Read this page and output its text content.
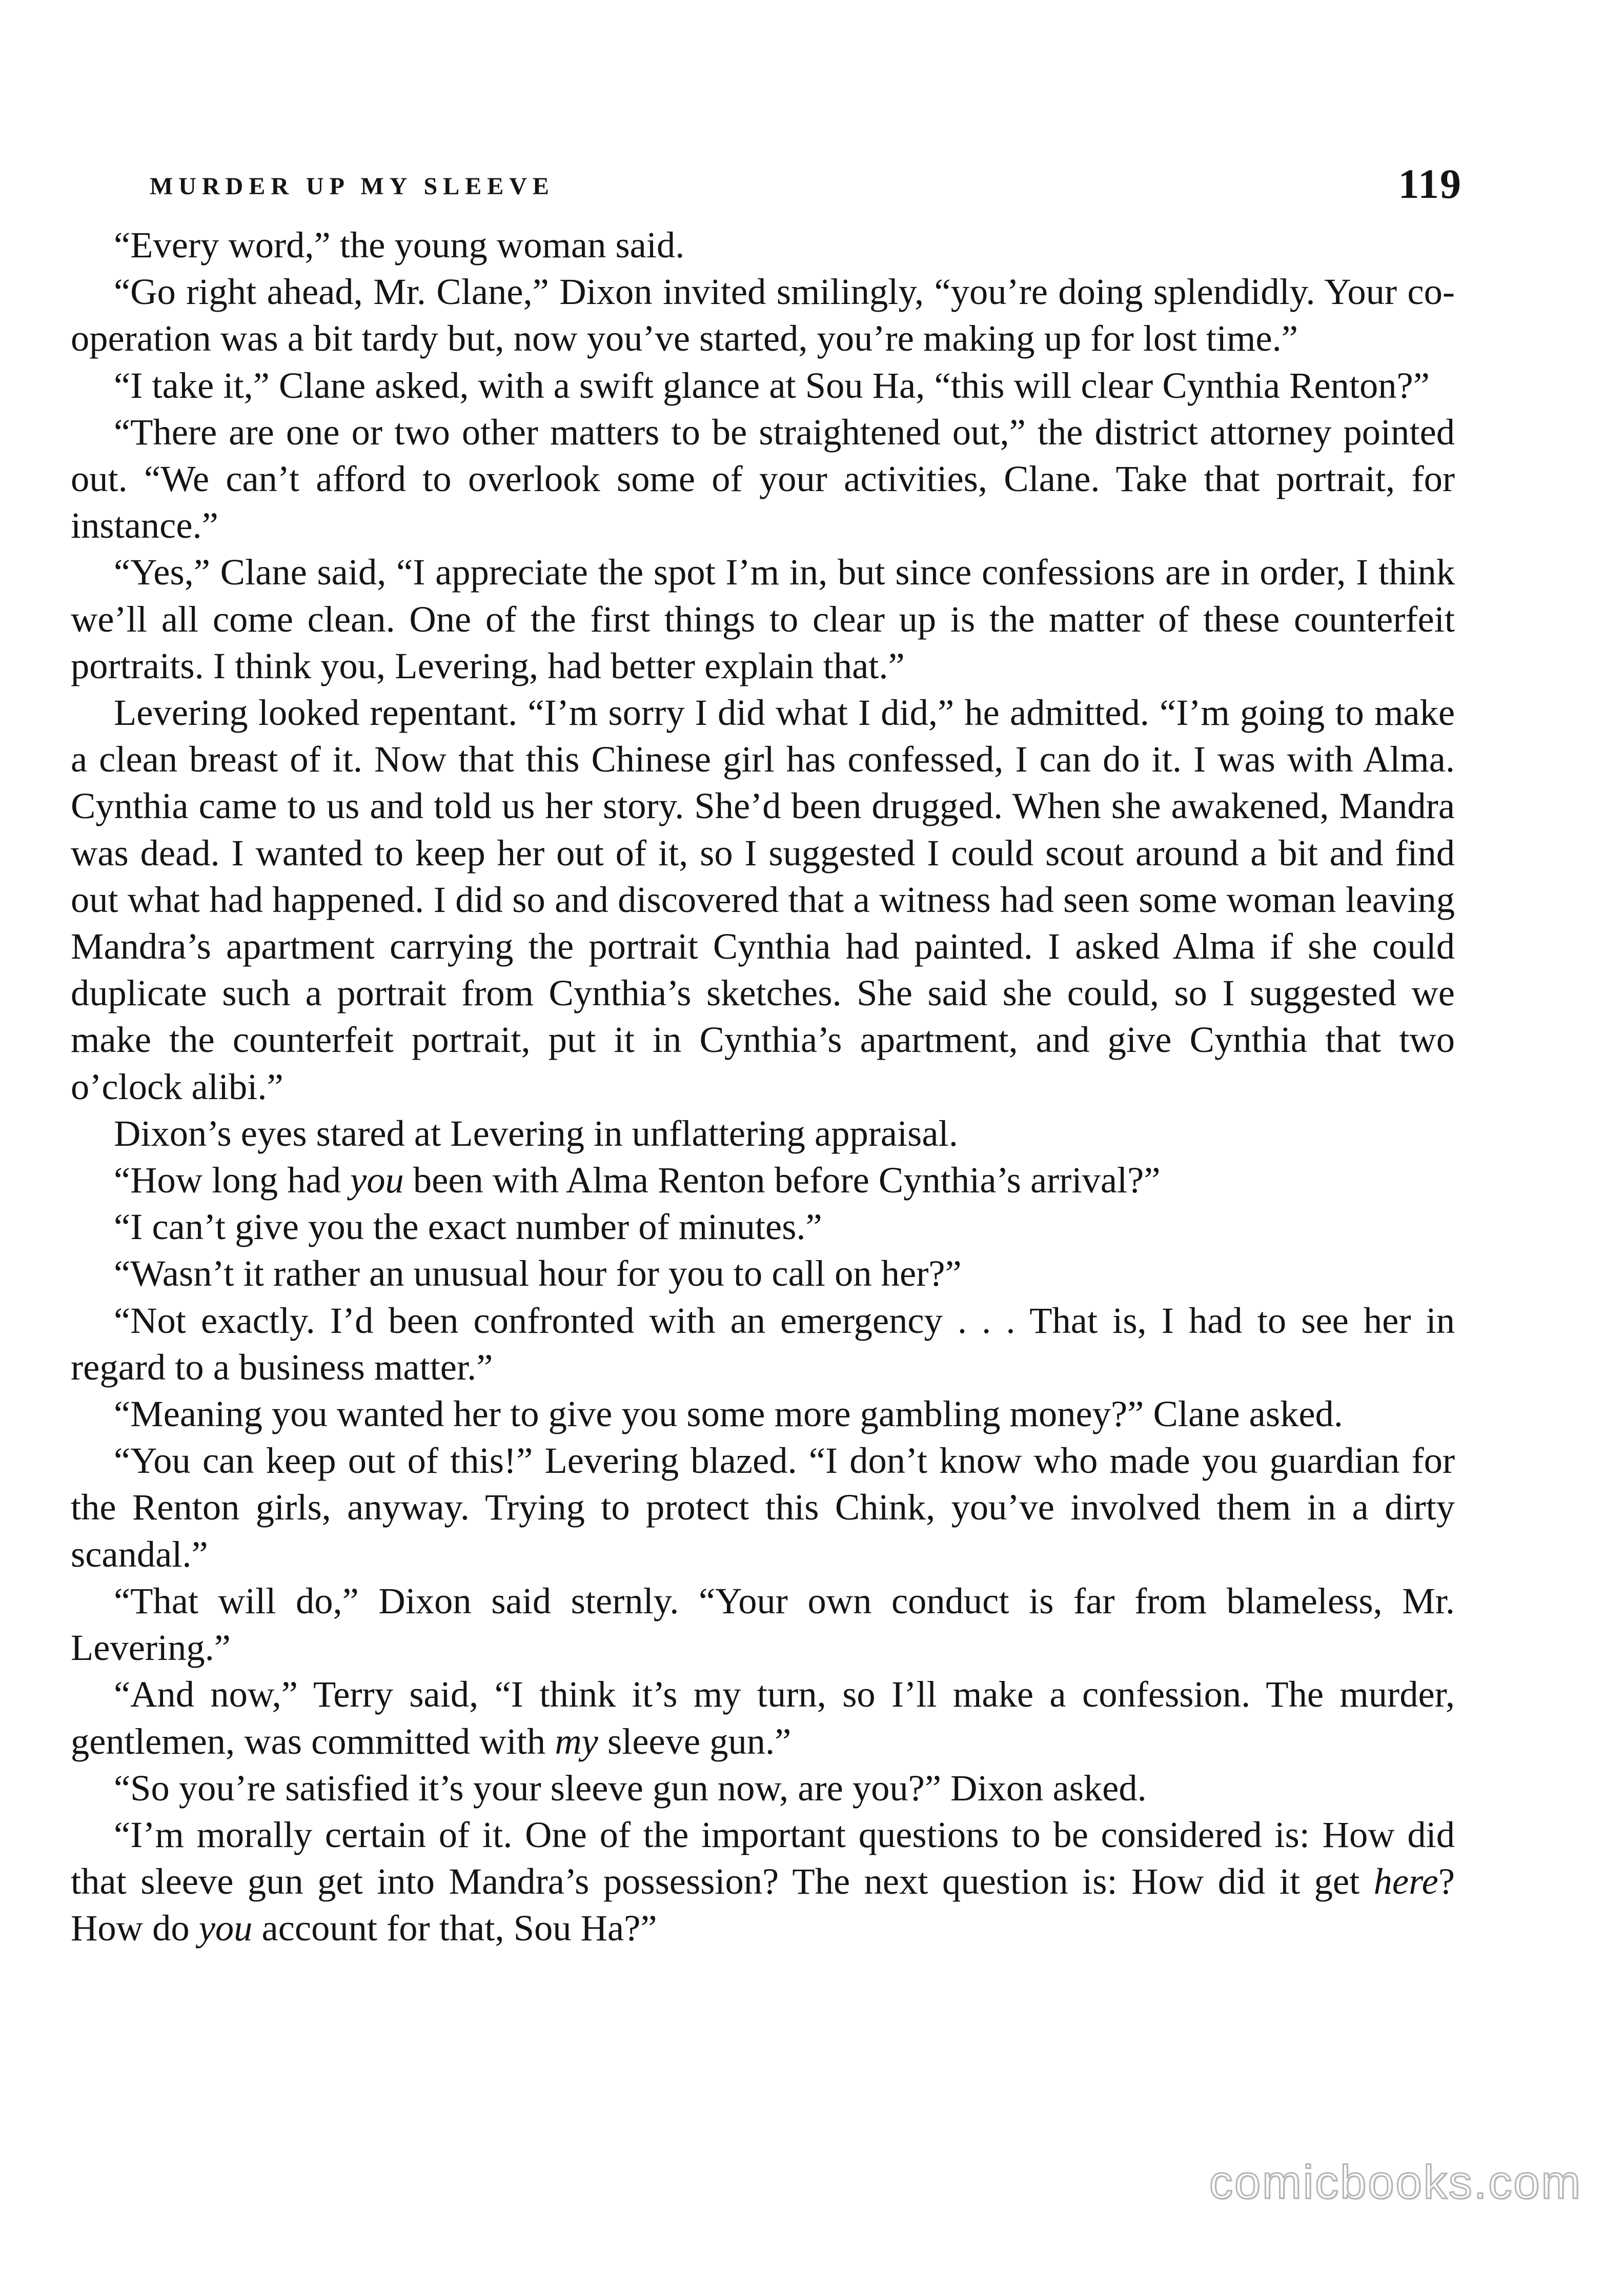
MURDER UP MY SLEEVE	119

“Every word,” the young woman said.

“Go right ahead, Mr. Clane,” Dixon invited smilingly, “you’re doing splendidly. Your co-operation was a bit tardy but, now you’ve started, you’re making up for lost time.”

“I take it,” Clane asked, with a swift glance at Sou Ha, “this will clear Cynthia Renton?”

“There are one or two other matters to be straightened out,” the district attorney pointed out. “We can’t afford to overlook some of your activities, Clane. Take that portrait, for instance.”

“Yes,” Clane said, “I appreciate the spot I’m in, but since confessions are in order, I think we’ll all come clean. One of the first things to clear up is the matter of these counterfeit portraits. I think you, Levering, had better explain that.”

Levering looked repentant. “I’m sorry I did what I did,” he admitted. “I’m going to make a clean breast of it. Now that this Chinese girl has confessed, I can do it. I was with Alma. Cynthia came to us and told us her story. She’d been drugged. When she awakened, Mandra was dead. I wanted to keep her out of it, so I suggested I could scout around a bit and find out what had happened. I did so and discovered that a witness had seen some woman leaving Mandra’s apartment carrying the portrait Cynthia had painted. I asked Alma if she could duplicate such a portrait from Cynthia’s sketches. She said she could, so I suggested we make the counterfeit portrait, put it in Cynthia’s apartment, and give Cynthia that two o’clock alibi.”

Dixon’s eyes stared at Levering in unflattering appraisal.

“How long had you been with Alma Renton before Cynthia’s arrival?”

“I can’t give you the exact number of minutes.”

“Wasn’t it rather an unusual hour for you to call on her?”

“Not exactly. I’d been confronted with an emergency . . . That is, I had to see her in regard to a business matter.”

“Meaning you wanted her to give you some more gambling money?” Clane asked.

“You can keep out of this!” Levering blazed. “I don’t know who made you guardian for the Renton girls, anyway. Trying to protect this Chink, you’ve involved them in a dirty scandal.”

“That will do,” Dixon said sternly. “Your own conduct is far from blameless, Mr. Levering.”

“And now,” Terry said, “I think it’s my turn, so I’ll make a confession. The murder, gentlemen, was committed with my sleeve gun.”

“So you’re satisfied it’s your sleeve gun now, are you?” Dixon asked.

“I’m morally certain of it. One of the important questions to be considered is: How did that sleeve gun get into Mandra’s possession? The next question is: How did it get here? How do you account for that, Sou Ha?”

comicbooks.com
